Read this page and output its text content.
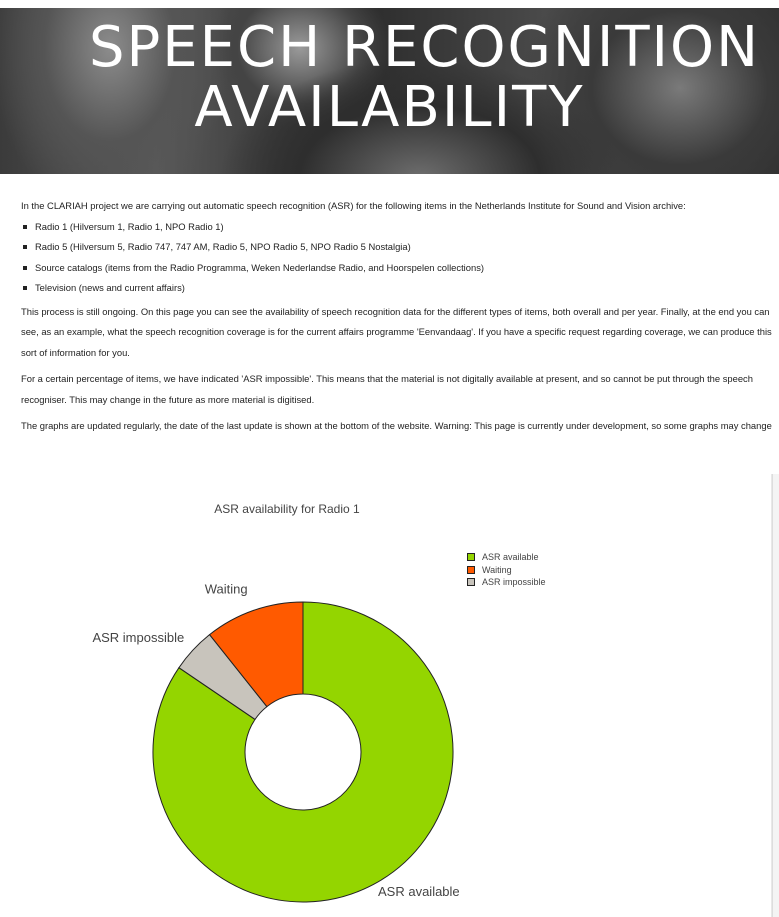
SPEECH RECOGNITION
AVAILABILITY

In the CLARIAH project we are carrying out automatic speech recognition (ASR) for the following items in the Netherlands Institute for Sound and Vision archive:

Radio 1 (Hilversum 1, Radio 1, NPO Radio 1)
Radio 5 (Hilversum 5, Radio 747, 747 AM, Radio 5, NPO Radio 5, NPO Radio 5 Nostalgia)
Source catalogs (items from the Radio Programma, Weken Nederlandse Radio, and Hoorspelen collections)
Television (news and current affairs)

This process is still ongoing. On this page you can see the availability of speech recognition data for the different types of items, both overall and per year. Finally, at the end you can see, as an example, what the speech recognition coverage is for the current affairs programme 'Eenvandaag'. If you have a specific request regarding coverage, we can produce this sort of information for you.

For a certain percentage of items, we have indicated 'ASR impossible'. This means that the material is not digitally available at present, and so cannot be put through the speech recogniser. This may change in the future as more material is digitised.

The graphs are updated regularly, the date of the last update is shown at the bottom of the website. Warning: This page is currently under development, so some graphs may change

ASR availability for Radio 1
ASR available
ASR impossible
Waiting
ASR available
Waiting
ASR impossible
